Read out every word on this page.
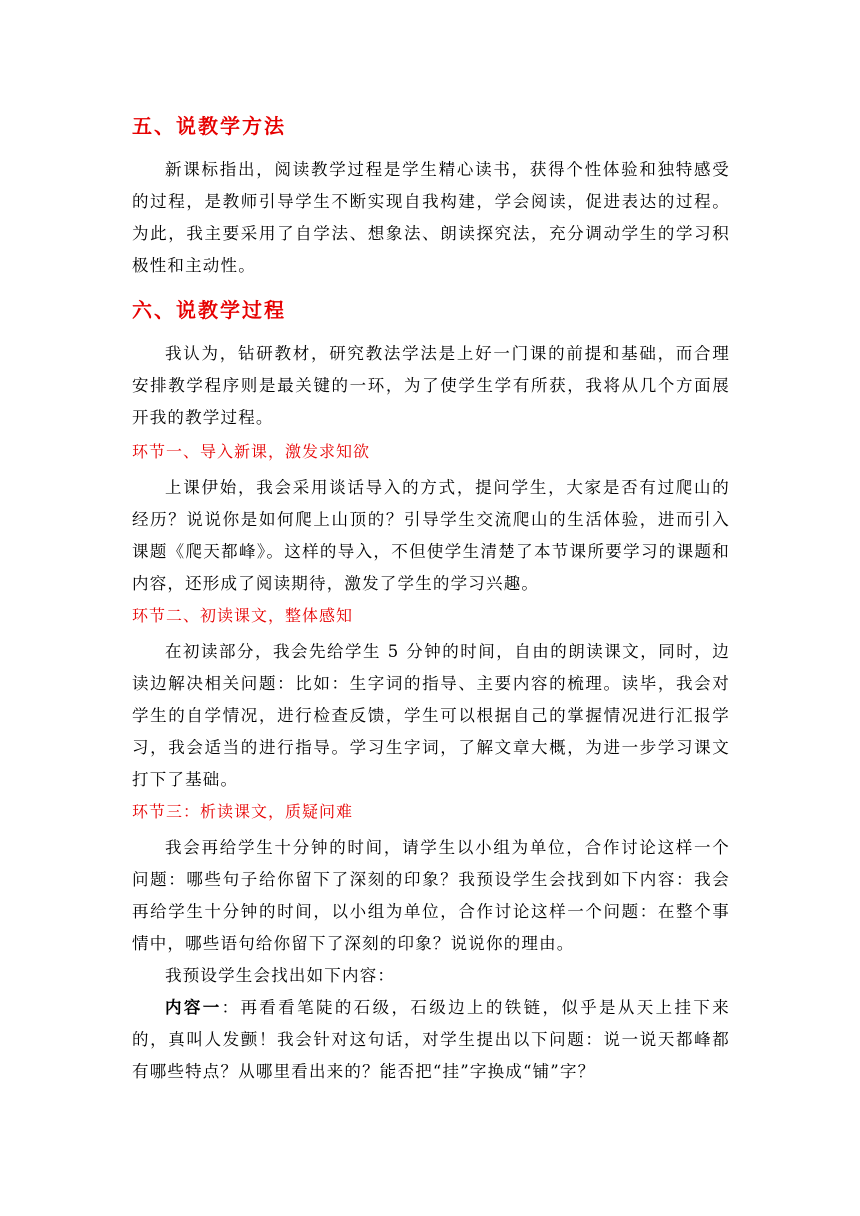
五、说教学方法
新课标指出，阅读教学过程是学生精心读书，获得个性体验和独特感受的过程，是教师引导学生不断实现自我构建，学会阅读，促进表达的过程。为此，我主要采用了自学法、想象法、朗读探究法，充分调动学生的学习积极性和主动性。
六、说教学过程
我认为，钻研教材，研究教法学法是上好一门课的前提和基础，而合理安排教学程序则是最关键的一环，为了使学生学有所获，我将从几个方面展开我的教学过程。
环节一、导入新课，激发求知欲
上课伊始，我会采用谈话导入的方式，提问学生，大家是否有过爬山的经历？说说你是如何爬上山顶的？引导学生交流爬山的生活体验，进而引入课题《爬天都峰》。这样的导入，不但使学生清楚了本节课所要学习的课题和内容，还形成了阅读期待，激发了学生的学习兴趣。
环节二、初读课文，整体感知
在初读部分，我会先给学生 5 分钟的时间，自由的朗读课文，同时，边读边解决相关问题：比如：生字词的指导、主要内容的梳理。读毕，我会对学生的自学情况，进行检查反馈，学生可以根据自己的掌握情况进行汇报学习，我会适当的进行指导。学习生字词，了解文章大概，为进一步学习课文打下了基础。
环节三：析读课文，质疑问难
我会再给学生十分钟的时间，请学生以小组为单位，合作讨论这样一个问题：哪些句子给你留下了深刻的印象？我预设学生会找到如下内容：我会再给学生十分钟的时间，以小组为单位，合作讨论这样一个问题：在整个事情中，哪些语句给你留下了深刻的印象？说说你的理由。
我预设学生会找出如下内容：
内容一：再看看笔陡的石级，石级边上的铁链，似乎是从天上挂下来的，真叫人发颤！我会针对这句话，对学生提出以下问题：说一说天都峰都有哪些特点？从哪里看出来的？能否把“挂”字换成“铺”字？
